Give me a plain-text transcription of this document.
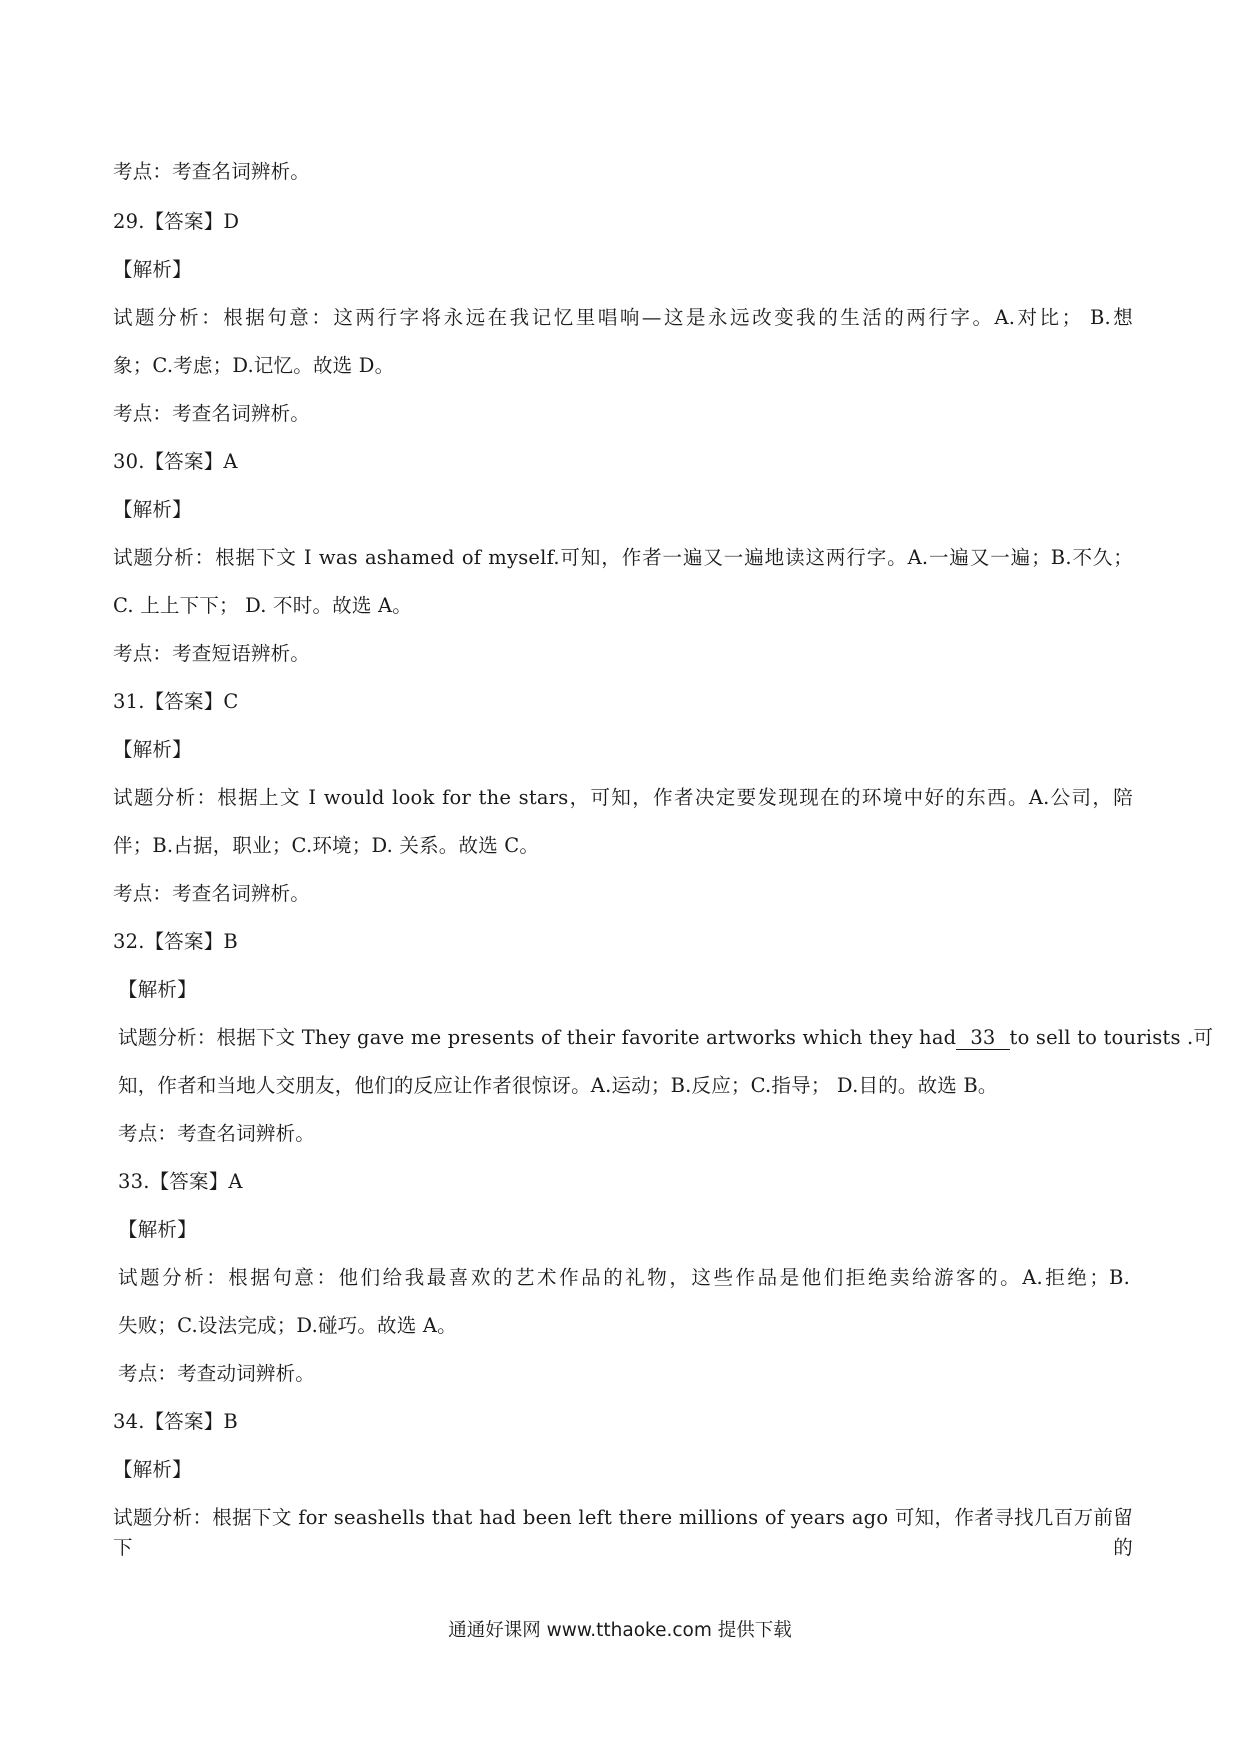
考点：考查名词辨析。
29.【答案】D
【解析】
试题分析：根据句意：这两行字将永远在我记忆里唱响—这是永远改变我的生活的两行字。A.对比； B.想
象；C.考虑；D.记忆。故选 D。
考点：考查名词辨析。
30.【答案】A
【解析】
试题分析：根据下文 I was ashamed of myself.可知，作者一遍又一遍地读这两行字。A.一遍又一遍；B.不久；
C. 上上下下； D. 不时。故选 A。
考点：考查短语辨析。
31.【答案】C
【解析】
试题分析：根据上文 I would look for the stars，可知，作者决定要发现现在的环境中好的东西。A.公司，陪
伴；B.占据，职业；C.环境；D. 关系。故选 C。
考点：考查名词辨析。
32.【答案】B
【解析】
试题分析：根据下文 They gave me presents of their favorite artworks which they had 33 to sell to tourists .可
知，作者和当地人交朋友，他们的反应让作者很惊讶。A.运动；B.反应；C.指导； D.目的。故选 B。
考点：考查名词辨析。
33.【答案】A
【解析】
试题分析：根据句意：他们给我最喜欢的艺术作品的礼物，这些作品是他们拒绝卖给游客的。A.拒绝；B.
失败；C.设法完成；D.碰巧。故选 A。
考点：考查动词辨析。
34.【答案】B
【解析】
试题分析：根据下文 for seashells that had been left there millions of years ago 可知，作者寻找几百万前留下的
通通好课网 www.tthaoke.com 提供下载
